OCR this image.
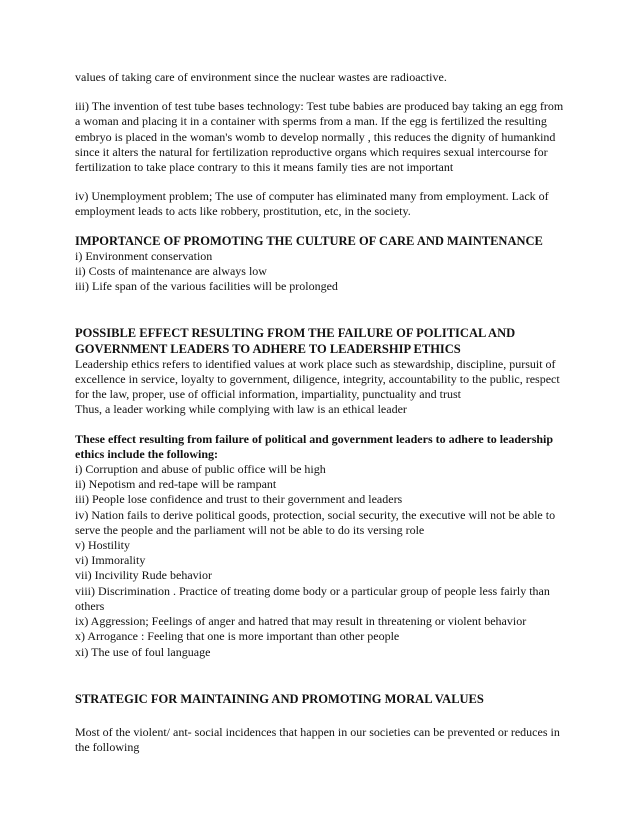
values of taking care of environment since the nuclear wastes are radioactive.

iii) The invention of test tube bases technology: Test tube babies are produced bay taking an egg from a woman and placing it in a container with sperms from a man. If the egg is fertilized the resulting embryo is placed in the woman's womb to develop normally , this reduces the dignity of humankind since it alters the natural for fertilization reproductive organs which requires sexual intercourse for fertilization to take place contrary to this it means family ties are not important

iv) Unemployment problem; The use of computer has eliminated many from employment. Lack of employment leads to acts like robbery, prostitution, etc, in the society.

IMPORTANCE OF PROMOTING THE CULTURE OF CARE AND MAINTENANCE

i) Environment conservation

ii) Costs of maintenance are always low

iii) Life span of the various facilities will be prolonged

POSSIBLE EFFECT RESULTING FROM THE FAILURE OF POLITICAL AND GOVERNMENT LEADERS TO ADHERE TO LEADERSHIP ETHICS

Leadership ethics refers to identified values at work place such as stewardship, discipline, pursuit of excellence in service, loyalty to government, diligence, integrity, accountability to the public, respect for the law, proper, use of official information, impartiality, punctuality and trust

Thus, a leader working while complying with law is an ethical leader

These effect resulting from failure of political and government leaders to adhere to leadership ethics include the following:

i) Corruption and abuse of public office will be high

ii) Nepotism and red-tape will be rampant

iii) People lose confidence and trust to their government and leaders

iv) Nation fails to derive political goods, protection, social security, the executive will not be able to serve the people and the parliament will not be able to do its versing role

v) Hostility

vi) Immorality

vii) Incivility Rude behavior

viii) Discrimination . Practice of treating dome body or a particular group of people less fairly than others

ix) Aggression; Feelings of anger and hatred that may result in threatening or violent behavior

x) Arrogance : Feeling that one is more important than other people

xi) The use of foul language

STRATEGIC FOR MAINTAINING AND PROMOTING MORAL VALUES

Most of the violent/ ant- social incidences that happen in our societies can be prevented or reduces in the following
